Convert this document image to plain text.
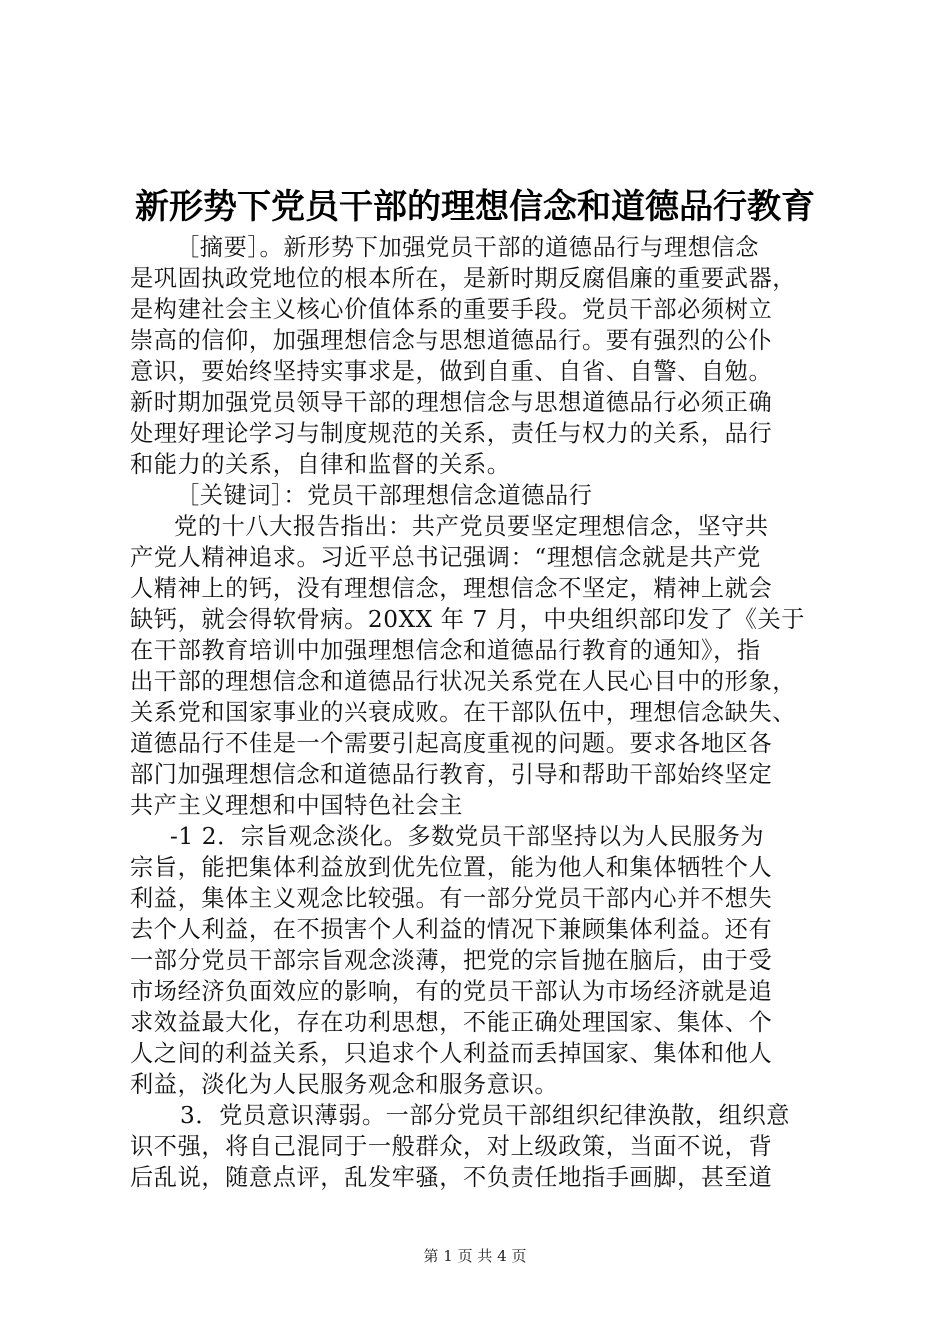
新形势下党员干部的理想信念和道德品行教育
［摘要］。新形势下加强党员干部的道德品行与理想信念
是巩固执政党地位的根本所在，是新时期反腐倡廉的重要武器，
是构建社会主义核心价值体系的重要手段。党员干部必须树立
崇高的信仰，加强理想信念与思想道德品行。要有强烈的公仆
意识，要始终坚持实事求是，做到自重、自省、自警、自勉。
新时期加强党员领导干部的理想信念与思想道德品行必须正确
处理好理论学习与制度规范的关系，责任与权力的关系，品行
和能力的关系，自律和监督的关系。
［关键词］：党员干部理想信念道德品行
党的十八大报告指出：共产党员要坚定理想信念，坚守共
产党人精神追求。习近平总书记强调：“理想信念就是共产党
人精神上的钙，没有理想信念，理想信念不坚定，精神上就会
缺钙，就会得软骨病。20XX 年 7 月，中央组织部印发了《关于
在干部教育培训中加强理想信念和道德品行教育的通知》，指
出干部的理想信念和道德品行状况关系党在人民心目中的形象，
关系党和国家事业的兴衰成败。在干部队伍中，理想信念缺失、
道德品行不佳是一个需要引起高度重视的问题。要求各地区各
部门加强理想信念和道德品行教育，引导和帮助干部始终坚定
共产主义理想和中国特色社会主
-1 2．宗旨观念淡化。多数党员干部坚持以为人民服务为
宗旨，能把集体利益放到优先位置，能为他人和集体牺牲个人
利益，集体主义观念比较强。有一部分党员干部内心并不想失
去个人利益，在不损害个人利益的情况下兼顾集体利益。还有
一部分党员干部宗旨观念淡薄，把党的宗旨抛在脑后，由于受
市场经济负面效应的影响，有的党员干部认为市场经济就是追
求效益最大化，存在功利思想，不能正确处理国家、集体、个
人之间的利益关系，只追求个人利益而丢掉国家、集体和他人
利益，淡化为人民服务观念和服务意识。
3．党员意识薄弱。一部分党员干部组织纪律涣散，组织意
识不强，将自己混同于一般群众，对上级政策，当面不说，背
后乱说，随意点评，乱发牢骚，不负责任地指手画脚，甚至道
第 1 页 共 4 页
